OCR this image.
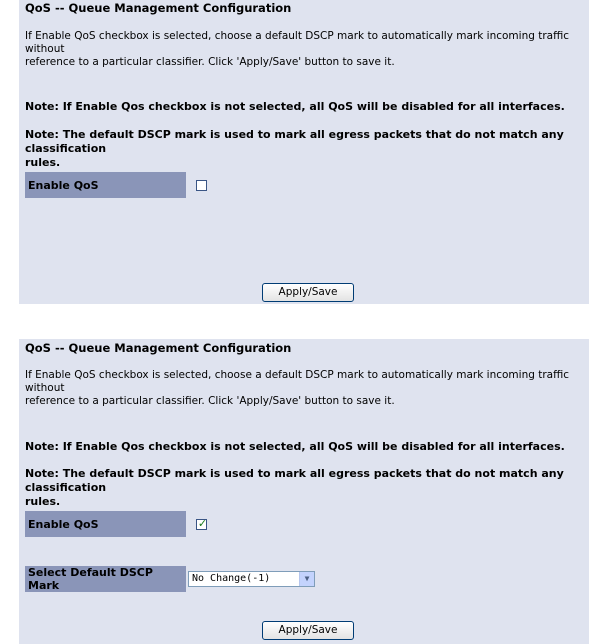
QoS -- Queue Management Configuration

If Enable QoS checkbox is selected, choose a default DSCP mark to automatically mark incoming traffic without
reference to a particular classifier. Click 'Apply/Save' button to save it.

Note: If Enable Qos checkbox is not selected, all QoS will be disabled for all interfaces.

Note: The default DSCP mark is used to mark all egress packets that do not match any classification
rules.

Enable QoS
Apply/Save

QoS -- Queue Management Configuration

If Enable QoS checkbox is selected, choose a default DSCP mark to automatically mark incoming traffic without
reference to a particular classifier. Click 'Apply/Save' button to save it.

Note: If Enable Qos checkbox is not selected, all QoS will be disabled for all interfaces.

Note: The default DSCP mark is used to mark all egress packets that do not match any classification
rules.

Enable QoS	✓
Select Default DSCP Mark
No Change(-1)	▼
Apply/Save
